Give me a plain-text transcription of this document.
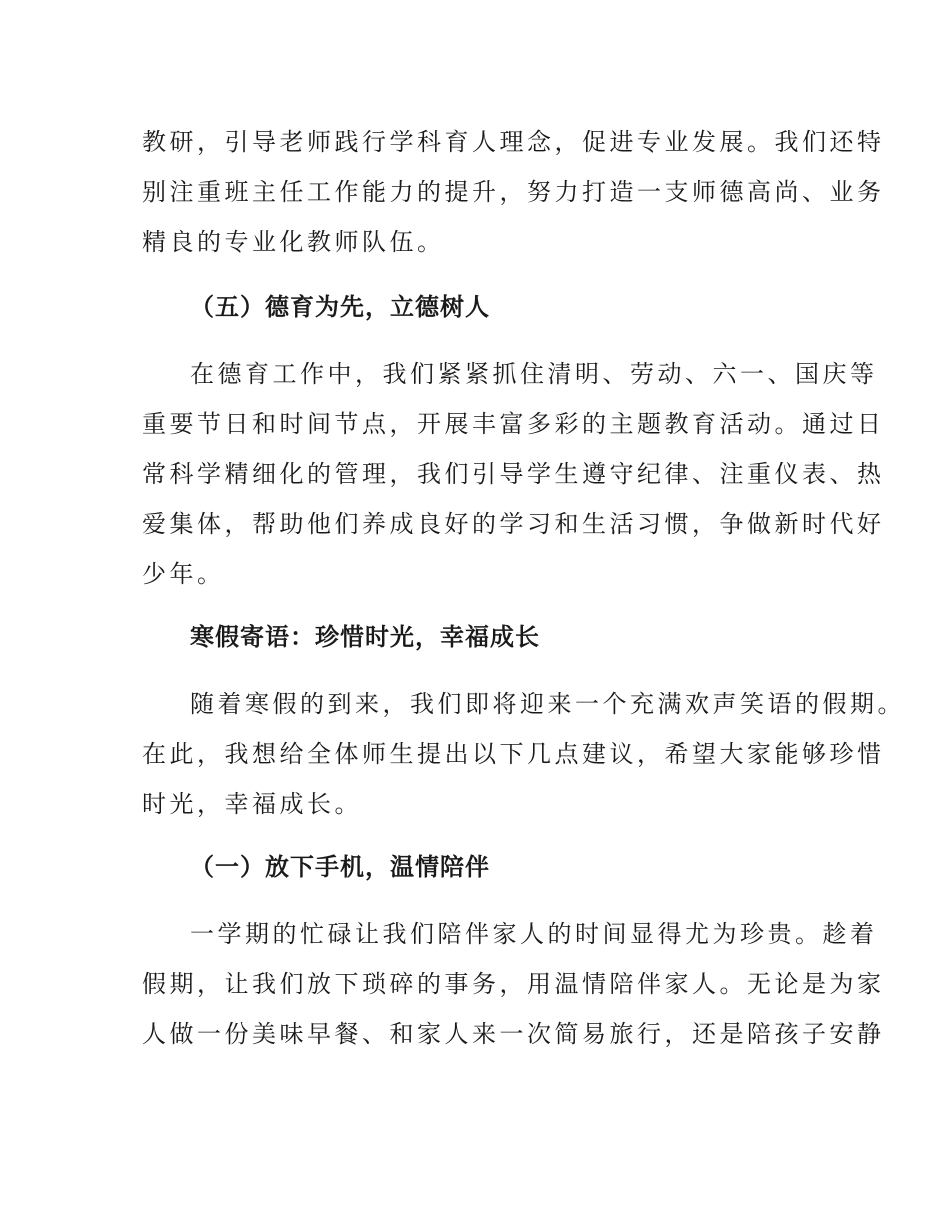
教研，引导老师践行学科育人理念，促进专业发展。我们还特
别注重班主任工作能力的提升，努力打造一支师德高尚、业务
精良的专业化教师队伍。
（五）德育为先，立德树人
在德育工作中，我们紧紧抓住清明、劳动、六一、国庆等
重要节日和时间节点，开展丰富多彩的主题教育活动。通过日
常科学精细化的管理，我们引导学生遵守纪律、注重仪表、热
爱集体，帮助他们养成良好的学习和生活习惯，争做新时代好
少年。
寒假寄语：珍惜时光，幸福成长
随着寒假的到来，我们即将迎来一个充满欢声笑语的假期。
在此，我想给全体师生提出以下几点建议，希望大家能够珍惜
时光，幸福成长。
（一）放下手机，温情陪伴
一学期的忙碌让我们陪伴家人的时间显得尤为珍贵。趁着
假期，让我们放下琐碎的事务，用温情陪伴家人。无论是为家
人做一份美味早餐、和家人来一次简易旅行，还是陪孩子安静
